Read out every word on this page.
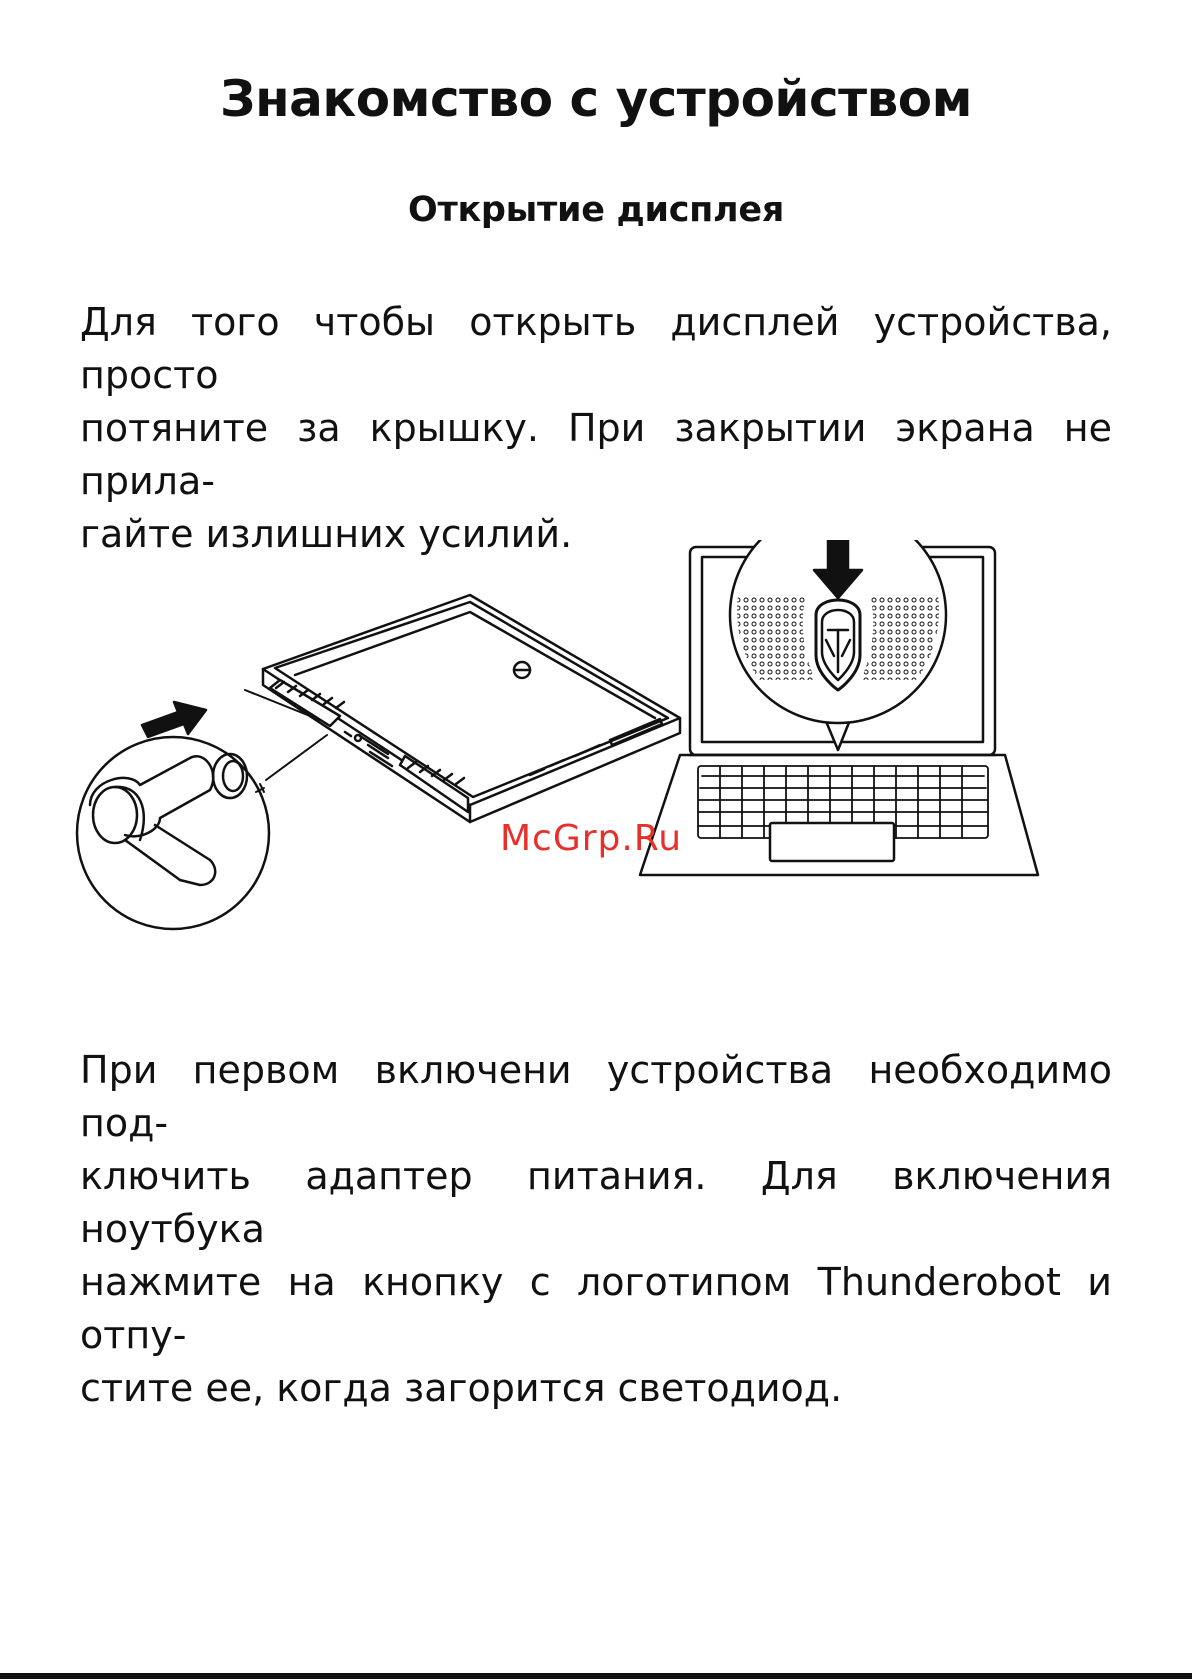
Знакомство с устройством
Открытие дисплея
Для того чтобы открыть дисплей устройства, просто
потяните за крышку. При закрытии экрана не прила-
гайте излишних усилий.
McGrp.Ru
При первом включени устройства необходимо под-
ключить адаптер питания. Для включения ноутбука
нажмите на кнопку с логотипом Thunderobot и отпу-
стите ее, когда загорится светодиод.
